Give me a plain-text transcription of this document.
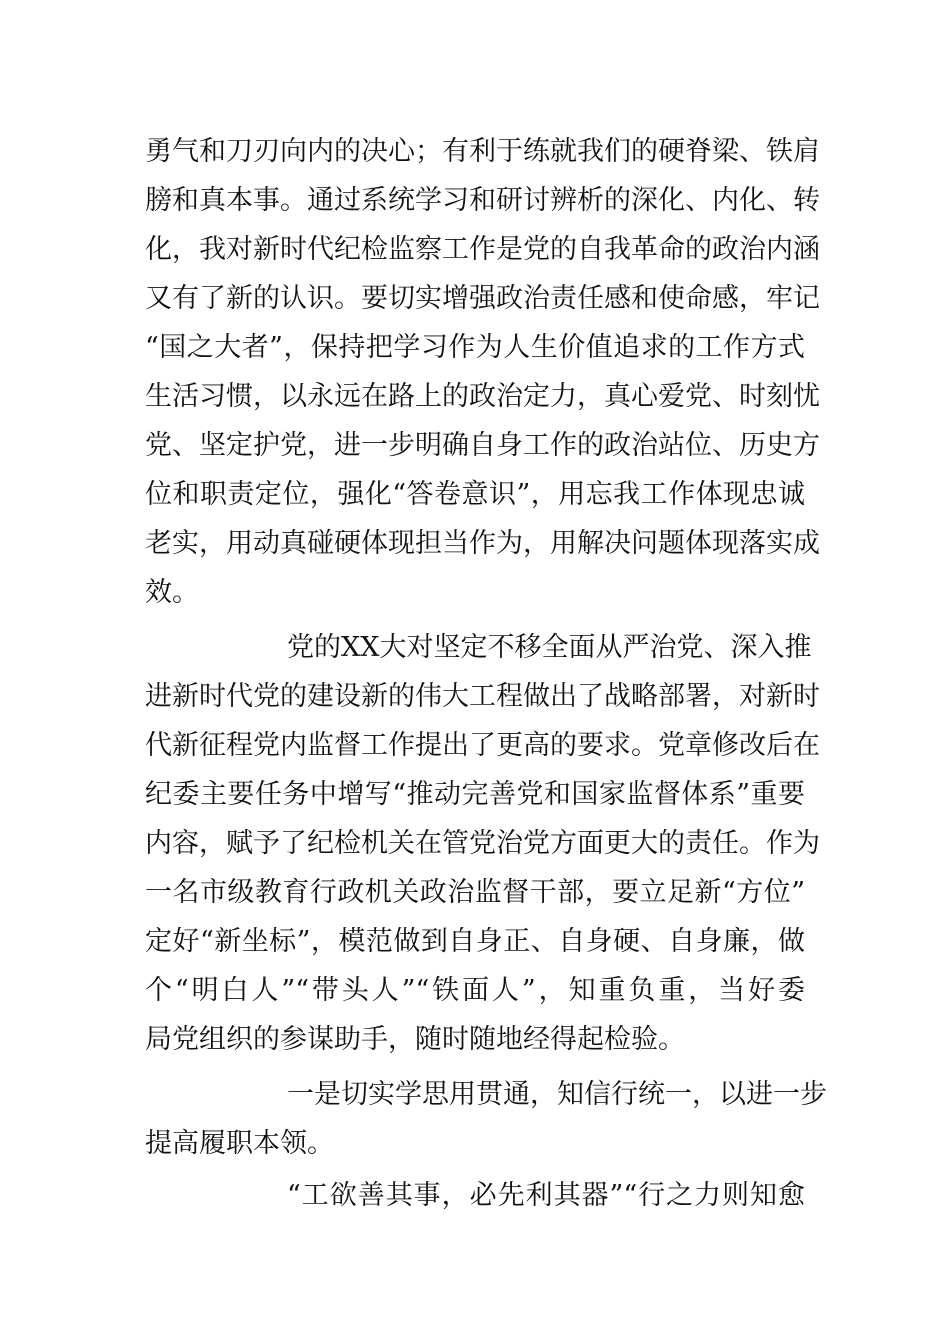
勇气和刀刃向内的决心；有利于练就我们的硬脊梁、铁肩
膀和真本事。通过系统学习和研讨辨析的深化、内化、转
化，我对新时代纪检监察工作是党的自我革命的政治内涵
又有了新的认识。要切实增强政治责任感和使命感，牢记
“国之大者”，保持把学习作为人生价值追求的工作方式
生活习惯，以永远在路上的政治定力，真心爱党、时刻忧
党、坚定护党，进一步明确自身工作的政治站位、历史方
位和职责定位，强化“答卷意识”，用忘我工作体现忠诚
老实，用动真碰硬体现担当作为，用解决问题体现落实成
效。
党的XX大对坚定不移全面从严治党、深入推
进新时代党的建设新的伟大工程做出了战略部署，对新时
代新征程党内监督工作提出了更高的要求。党章修改后在
纪委主要任务中增写“推动完善党和国家监督体系”重要
内容，赋予了纪检机关在管党治党方面更大的责任。作为
一名市级教育行政机关政治监督干部，要立足新“方位”
定好“新坐标”，模范做到自身正、自身硬、自身廉，做
个“明白人”“带头人”“铁面人”，知重负重，当好委
局党组织的参谋助手，随时随地经得起检验。
一是切实学思用贯通，知信行统一，以进一步
提高履职本领。
“工欲善其事，必先利其器”“行之力则知愈
